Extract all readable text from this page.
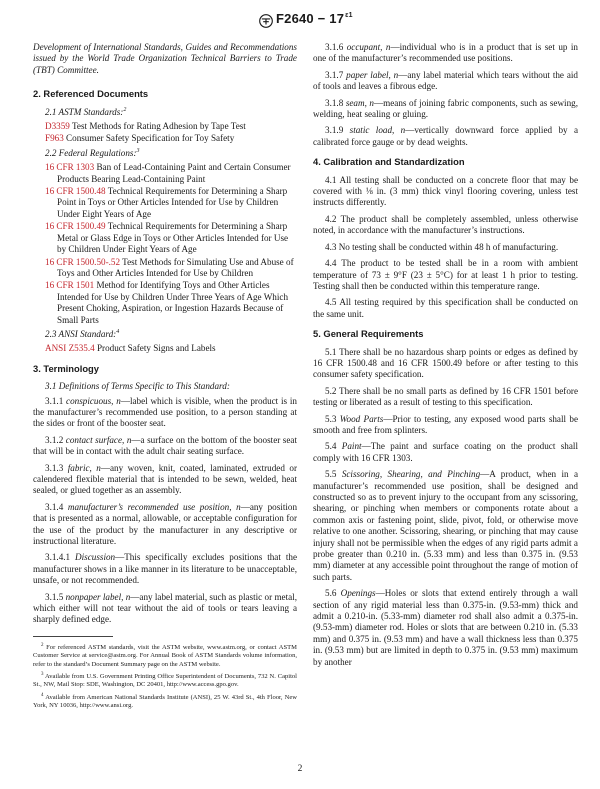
$F2640 - 17^{\varepsilon 1}$

Development of International Standards, Guides and Recommendations issued by the World Trade Organization Technical Barriers to Trade (TBT) Committee.

2. Referenced Documents

2.1 ASTM Standards:$^2$

D3359 Test Methods for Rating Adhesion by Tape Test

F963 Consumer Safety Specification for Toy Safety

2.2 Federal Regulations:$^3$

16 CFR 1303 Ban of Lead-Containing Paint and Certain Consumer Products Bearing Lead-Containing Paint

16 CFR 1500.48 Technical Requirements for Determining a Sharp Point in Toys or Other Articles Intended for Use by Children Under Eight Years of Age

16 CFR 1500.49 Technical Requirements for Determining a Sharp Metal or Glass Edge in Toys or Other Articles Intended for Use by Children Under Eight Years of Age

16 CFR 1500.50-.52 Test Methods for Simulating Use and Abuse of Toys and Other Articles Intended for Use by Children

16 CFR 1501 Method for Identifying Toys and Other Articles Intended for Use by Children Under Three Years of Age Which Present Choking, Aspiration, or Ingestion Hazards Because of Small Parts

2.3 ANSI Standard:$^4$

ANSI Z535.4 Product Safety Signs and Labels

3. Terminology

3.1 Definitions of Terms Specific to This Standard:

3.1.1 conspicuous, n—label which is visible, when the product is in the manufacturer’s recommended use position, to a person standing at the sides or front of the booster seat.

3.1.2 contact surface, n—a surface on the bottom of the booster seat that will be in contact with the adult chair seating surface.

3.1.3 fabric, n—any woven, knit, coated, laminated, extruded or calendered flexible material that is intended to be sewn, welded, heat sealed, or glued together as an assembly.

3.1.4 manufacturer’s recommended use position, n—any position that is presented as a normal, allowable, or acceptable configuration for the use of the product by the manufacturer in any descriptive or instructional literature.

3.1.4.1 Discussion—This specifically excludes positions that the manufacturer shows in a like manner in its literature to be unacceptable, unsafe, or not recommended.

3.1.5 nonpaper label, n—any label material, such as plastic or metal, which either will not tear without the aid of tools or tears leaving a sharply defined edge.

$^2$ For referenced ASTM standards, visit the ASTM website, www.astm.org, or contact ASTM Customer Service at service@astm.org. For Annual Book of ASTM Standards volume information, refer to the standard’s Document Summary page on the ASTM website.

$^3$ Available from U.S. Government Printing Office Superintendent of Documents, 732 N. Capitol St., NW, Mail Stop: SDE, Washington, DC 20401, http://www.access.gpo.gov.

$^4$ Available from American National Standards Institute (ANSI), 25 W. 43rd St., 4th Floor, New York, NY 10036, http://www.ansi.org.

3.1.6 occupant, n—individual who is in a product that is set up in one of the manufacturer’s recommended use positions.

3.1.7 paper label, n—any label material which tears without the aid of tools and leaves a fibrous edge.

3.1.8 seam, n—means of joining fabric components, such as sewing, welding, heat sealing or gluing.

3.1.9 static load, n—vertically downward force applied by a calibrated force gauge or by dead weights.

4. Calibration and Standardization

4.1 All testing shall be conducted on a concrete floor that may be covered with ⅛ in. (3 mm) thick vinyl flooring covering, unless test instructs differently.

4.2 The product shall be completely assembled, unless otherwise noted, in accordance with the manufacturer’s instructions.

4.3 No testing shall be conducted within 48 h of manufacturing.

4.4 The product to be tested shall be in a room with ambient temperature of 73 ± 9°F (23 ± 5°C) for at least 1 h prior to testing. Testing shall then be conducted within this temperature range.

4.5 All testing required by this specification shall be conducted on the same unit.

5. General Requirements

5.1 There shall be no hazardous sharp points or edges as defined by 16 CFR 1500.48 and 16 CFR 1500.49 before or after testing to this consumer safety specification.

5.2 There shall be no small parts as defined by 16 CFR 1501 before testing or liberated as a result of testing to this specification.

5.3 Wood Parts—Prior to testing, any exposed wood parts shall be smooth and free from splinters.

5.4 Paint—The paint and surface coating on the product shall comply with 16 CFR 1303.

5.5 Scissoring, Shearing, and Pinching—A product, when in a manufacturer’s recommended use position, shall be designed and constructed so as to prevent injury to the occupant from any scissoring, shearing, or pinching when members or components rotate about a common axis or fastening point, slide, pivot, fold, or otherwise move relative to one another. Scissoring, shearing, or pinching that may cause injury shall not be permissible when the edges of any rigid parts admit a probe greater than 0.210 in. (5.33 mm) and less than 0.375 in. (9.53 mm) diameter at any accessible point throughout the range of motion of such parts.

5.6 Openings—Holes or slots that extend entirely through a wall section of any rigid material less than 0.375-in. (9.53-mm) thick and admit a 0.210-in. (5.33-mm) diameter rod shall also admit a 0.375-in. (9.53-mm) diameter rod. Holes or slots that are between 0.210 in. (5.33 mm) and 0.375 in. (9.53 mm) and have a wall thickness less than 0.375 in. (9.53 mm) but are limited in depth to 0.375 in. (9.53 mm) maximum by another

2
